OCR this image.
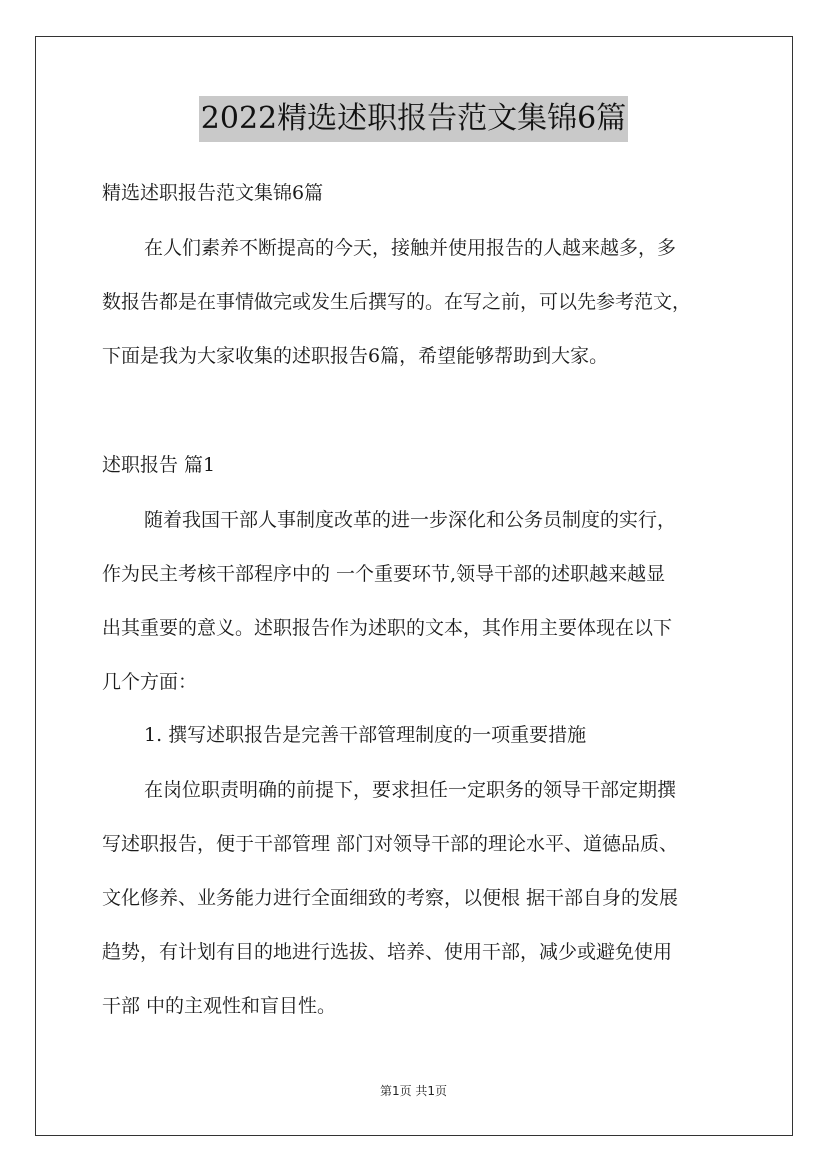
2022精选述职报告范文集锦6篇
精选述职报告范文集锦6篇
在人们素养不断提高的今天，接触并使用报告的人越来越多，多
数报告都是在事情做完或发生后撰写的。在写之前，可以先参考范文，
下面是我为大家收集的述职报告6篇，希望能够帮助到大家。
述职报告 篇1
随着我国干部人事制度改革的进一步深化和公务员制度的实行，
作为民主考核干部程序中的 一个重要环节,领导干部的述职越来越显
出其重要的意义。述职报告作为述职的文本，其作用主要体现在以下
几个方面：
1. 撰写述职报告是完善干部管理制度的一项重要措施
在岗位职责明确的前提下，要求担任一定职务的领导干部定期撰
写述职报告，便于干部管理 部门对领导干部的理论水平、道德品质、
文化修养、业务能力进行全面细致的考察，以便根 据干部自身的发展
趋势，有计划有目的地进行选拔、培养、使用干部，减少或避免使用
干部 中的主观性和盲目性。
第1页 共1页
